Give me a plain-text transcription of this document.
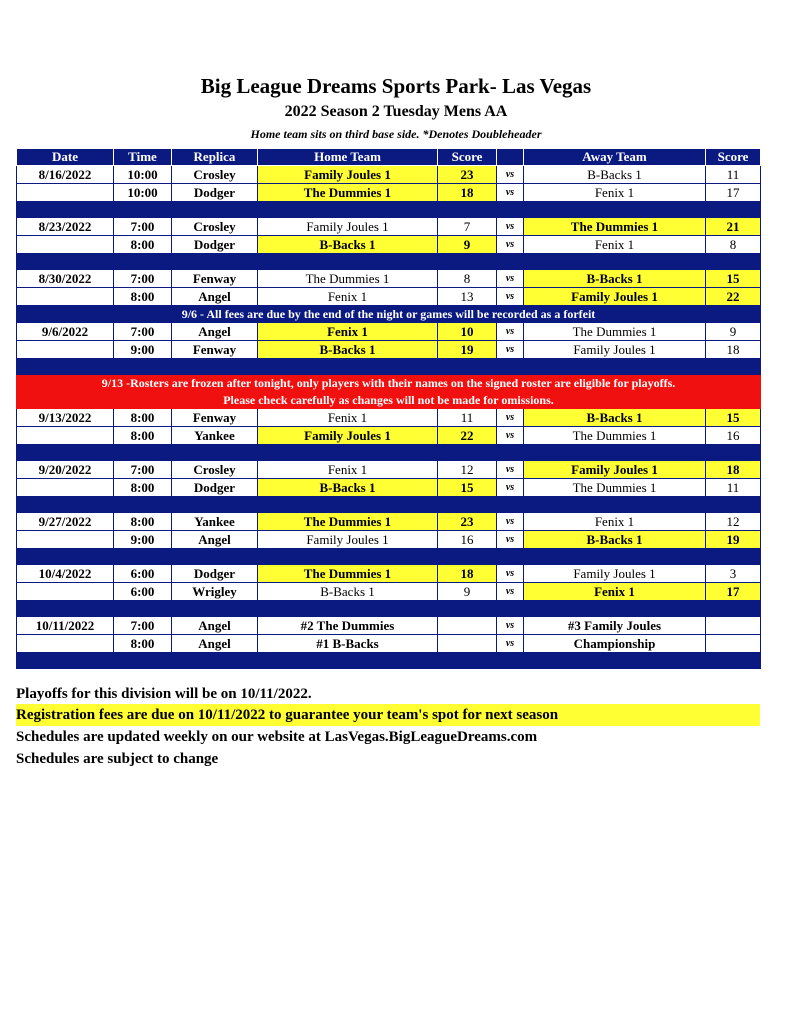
Big League Dreams Sports Park- Las Vegas
2022 Season 2 Tuesday Mens AA
Home team sits on third base side. *Denotes Doubleheader
Date	Time	Replica	Home Team	Score		Away Team	Score
8/16/2022	10:00	Crosley	Family Joules 1	23	vs	B-Backs 1	11
	10:00	Dodger	The Dummies 1	18	vs	Fenix 1	17

8/23/2022	7:00	Crosley	Family Joules 1	7	vs	The Dummies 1	21
	8:00	Dodger	B-Backs 1	9	vs	Fenix 1	8

8/30/2022	7:00	Fenway	The Dummies 1	8	vs	B-Backs 1	15
	8:00	Angel	Fenix 1	13	vs	Family Joules 1	22
9/6 - All fees are due by the end of the night or games will be recorded as a forfeit							
9/6/2022	7:00	Angel	Fenix 1	10	vs	The Dummies 1	9
	9:00	Fenway	B-Backs 1	19	vs	Family Joules 1	18

9/13 -Rosters are frozen after tonight, only players with their names on the signed roster are eligible for playoffs.							
Please check carefully as changes will not be made for omissions.							
9/13/2022	8:00	Fenway	Fenix 1	11	vs	B-Backs 1	15
	8:00	Yankee	Family Joules 1	22	vs	The Dummies 1	16

9/20/2022	7:00	Crosley	Fenix 1	12	vs	Family Joules 1	18
	8:00	Dodger	B-Backs 1	15	vs	The Dummies 1	11

9/27/2022	8:00	Yankee	The Dummies 1	23	vs	Fenix 1	12
	9:00	Angel	Family Joules 1	16	vs	B-Backs 1	19

10/4/2022	6:00	Dodger	The Dummies 1	18	vs	Family Joules 1	3
	6:00	Wrigley	B-Backs 1	9	vs	Fenix 1	17

10/11/2022	7:00	Angel	#2 The Dummies		vs	#3 Family Joules	
	8:00	Angel	#1 B-Backs		vs	Championship	

Playoffs for this division will be on 10/11/2022.
Registration fees are due on 10/11/2022 to guarantee your team's spot for next season
Schedules are updated weekly on our website at LasVegas.BigLeagueDreams.com
Schedules are subject to change
